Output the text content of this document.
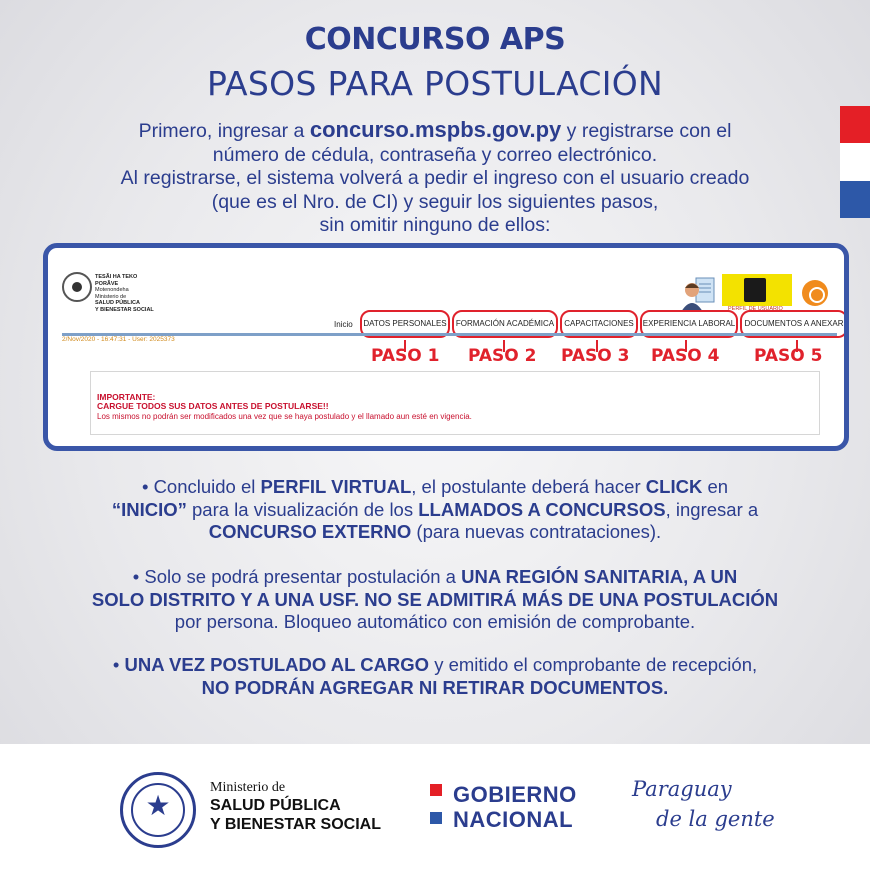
CONCURSO APS
PASOS PARA POSTULACIÓN
Primero, ingresar a concurso.mspbs.gov.py y registrarse con el
número de cédula, contraseña y correo electrónico.
Al registrarse, el sistema volverá a pedir el ingreso con el usuario creado
(que es el Nro. de CI) y seguir los siguientes pasos,
sin omitir ninguno de ellos:
TESÃI HA TEKO
PORÃVE
Motenondeha
Ministerio de
SALUD PÚBLICA
Y BIENESTAR SOCIAL	PERFIL DE USUARIO
Inicio	DATOS PERSONALES	FORMACIÓN ACADÉMICA	CAPACITACIONES	EXPERIENCIA LABORAL	DOCUMENTOS A ANEXAR
2/Nov/2020 - 16:47:31 - User: 2025373
PASO 1 PASO 2 PASO 3 PASO 4 PASO 5
IMPORTANTE:
CARGUE TODOS SUS DATOS ANTES DE POSTULARSE!!
Los mismos no podrán ser modificados una vez que se haya postulado y el llamado aun esté en vigencia.
• Concluido el PERFIL VIRTUAL, el postulante deberá hacer CLICK en
“INICIO” para la visualización de los LLAMADOS A CONCURSOS, ingresar a
CONCURSO EXTERNO (para nuevas contrataciones).
• Solo se podrá presentar postulación a UNA REGIÓN SANITARIA, A UN
SOLO DISTRITO Y A UNA USF. NO SE ADMITIRÁ MÁS DE UNA POSTULACIÓN
por persona. Bloqueo automático con emisión de comprobante.
• UNA VEZ POSTULADO AL CARGO y emitido el comprobante de recepción,
NO PODRÁN AGREGAR NI RETIRAR DOCUMENTOS.
★
Ministerio de
SALUD PÚBLICA
Y BIENESTAR SOCIAL
GOBIERNO
NACIONAL
Paraguay
de la gente
